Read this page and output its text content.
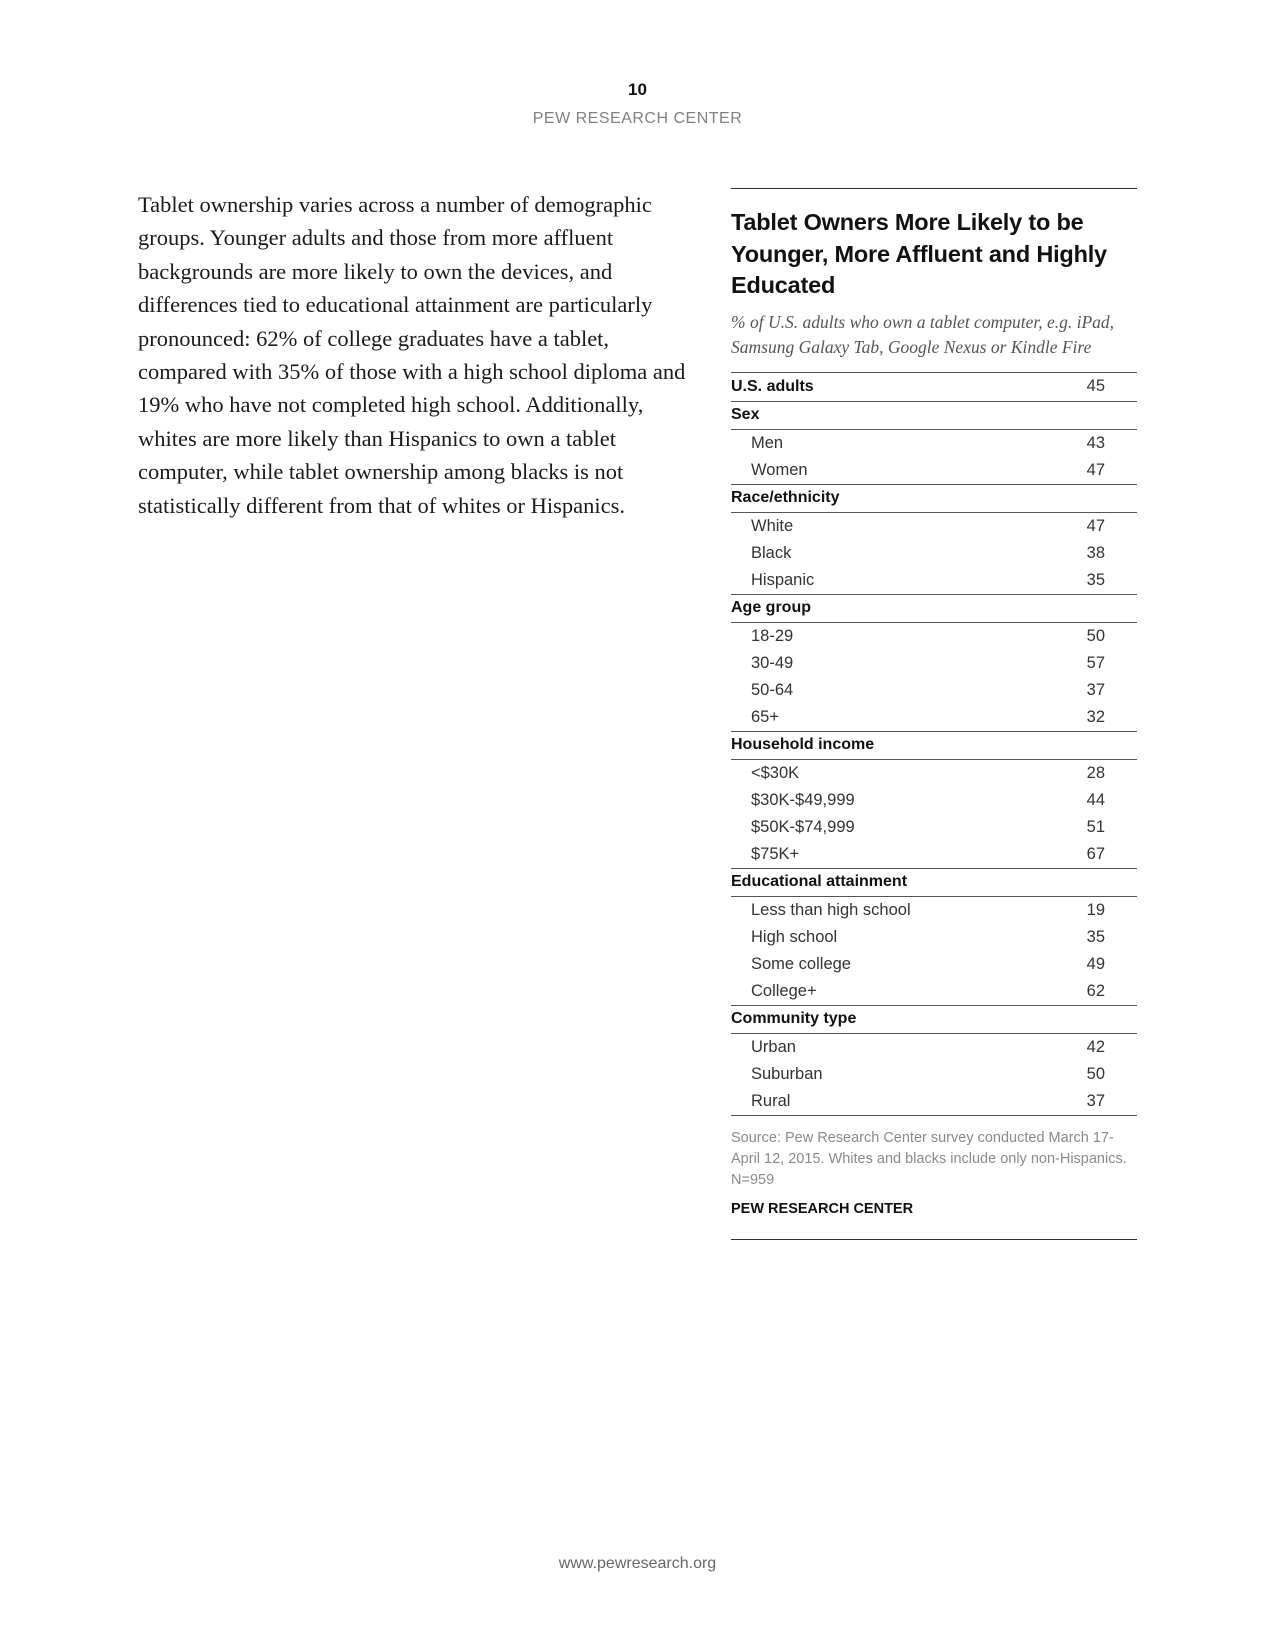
10
PEW RESEARCH CENTER

Tablet ownership varies across a number of demographic groups. Younger adults and those from more affluent backgrounds are more likely to own the devices, and differences tied to educational attainment are particularly pronounced: 62% of college graduates have a tablet, compared with 35% of those with a high school diploma and 19% who have not completed high school. Additionally, whites are more likely than Hispanics to own a tablet computer, while tablet ownership among blacks is not statistically different from that of whites or Hispanics.

Tablet Owners More Likely to be Younger, More Affluent and Highly Educated
% of U.S. adults who own a tablet computer, e.g. iPad, Samsung Galaxy Tab, Google Nexus or Kindle Fire
U.S. adults	45
Sex	
Men	43
Women	47
Race/ethnicity	
White	47
Black	38
Hispanic	35
Age group	
18-29	50
30-49	57
50-64	37
65+	32
Household income	
<$30K	28
$30K-$49,999	44
$50K-$74,999	51
$75K+	67
Educational attainment	
Less than high school	19
High school	35
Some college	49
College+	62
Community type	
Urban	42
Suburban	50
Rural	37

Source: Pew Research Center survey conducted March 17-April 12, 2015. Whites and blacks include only non-Hispanics. N=959
PEW RESEARCH CENTER
www.pewresearch.org
